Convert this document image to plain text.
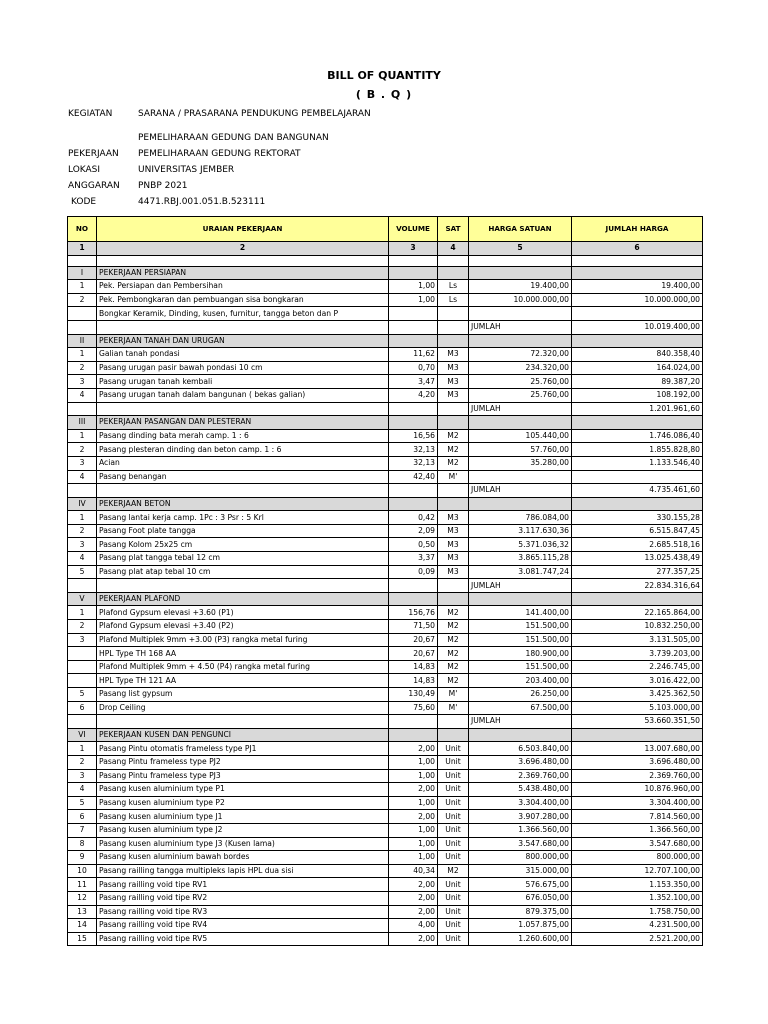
BILL OF QUANTITY
( B . Q )
KEGIATAN	SARANA / PRASARANA PENDUKUNG PEMBELAJARAN
PEMELIHARAAN GEDUNG DAN BANGUNAN
PEKERJAAN PEMELIHARAAN GEDUNG REKTORAT
LOKASI	UNIVERSITAS JEMBER
ANGGARAN PNBP 2021
KODE	4471.RBJ.001.051.B.523111
NO	URAIAN PEKERJAAN	VOLUME	SAT	HARGA SATUAN	JUMLAH HARGA
1	2	3	4	5	6

I	PEKERJAAN PERSIAPAN				
1	Pek. Persiapan dan Pembersihan	1,00	Ls	19.400,00	19.400,00
2	Pek. Pembongkaran dan pembuangan sisa bongkaran	1,00	Ls	10.000.000,00	10.000.000,00
	Bongkar Keramik, Dinding, kusen, furnitur, tangga beton dan P				
				JUMLAH	10.019.400,00
II	PEKERJAAN TANAH DAN URUGAN				
1	Galian tanah pondasi	11,62	M3	72.320,00	840.358,40
2	Pasang urugan pasir bawah pondasi 10 cm	0,70	M3	234.320,00	164.024,00
3	Pasang urugan tanah kembali	3,47	M3	25.760,00	89.387,20
4	Pasang urugan tanah dalam bangunan ( bekas galian)	4,20	M3	25.760,00	108.192,00
				JUMLAH	1.201.961,60
III	PEKERJAAN PASANGAN DAN PLESTERAN				
1	Pasang dinding bata merah camp. 1 : 6	16,56	M2	105.440,00	1.746.086,40
2	Pasang plesteran dinding dan beton camp. 1 : 6	32,13	M2	57.760,00	1.855.828,80
3	Acian	32,13	M2	35.280,00	1.133.546,40
4	Pasang benangan	42,40	M'		
				JUMLAH	4.735.461,60
IV	PEKERJAAN BETON				
1	Pasang lantai kerja camp. 1Pc : 3 Psr : 5 Krl	0,42	M3	786.084,00	330.155,28
2	Pasang Foot plate tangga	2,09	M3	3.117.630,36	6.515.847,45
3	Pasang Kolom 25x25 cm	0,50	M3	5.371.036,32	2.685.518,16
4	Pasang plat tangga tebal 12 cm	3,37	M3	3.865.115,28	13.025.438,49
5	Pasang plat atap tebal 10 cm	0,09	M3	3.081.747,24	277.357,25
				JUMLAH	22.834.316,64
V	PEKERJAAN PLAFOND				
1	Plafond Gypsum elevasi +3.60 (P1)	156,76	M2	141.400,00	22.165.864,00
2	Plafond Gypsum elevasi +3.40 (P2)	71,50	M2	151.500,00	10.832.250,00
3	Plafond Multiplek 9mm +3.00 (P3) rangka metal furing	20,67	M2	151.500,00	3.131.505,00
	HPL Type TH 168 AA	20,67	M2	180.900,00	3.739.203,00
	Plafond Multiplek 9mm + 4.50 (P4) rangka metal furing	14,83	M2	151.500,00	2.246.745,00
	HPL Type TH 121 AA	14,83	M2	203.400,00	3.016.422,00
5	Pasang list gypsum	130,49	M'	26.250,00	3.425.362,50
6	Drop Ceiling	75,60	M'	67.500,00	5.103.000,00
				JUMLAH	53.660.351,50
VI	PEKERJAAN KUSEN DAN PENGUNCI				
1	Pasang Pintu otomatis frameless type PJ1	2,00	Unit	6.503.840,00	13.007.680,00
2	Pasang Pintu frameless type PJ2	1,00	Unit	3.696.480,00	3.696.480,00
3	Pasang Pintu frameless type PJ3	1,00	Unit	2.369.760,00	2.369.760,00
4	Pasang kusen aluminium type P1	2,00	Unit	5.438.480,00	10.876.960,00
5	Pasang kusen aluminium type P2	1,00	Unit	3.304.400,00	3.304.400,00
6	Pasang kusen aluminium type J1	2,00	Unit	3.907.280,00	7.814.560,00
7	Pasang kusen aluminium type J2	1,00	Unit	1.366.560,00	1.366.560,00
8	Pasang kusen aluminium type J3 (Kusen lama)	1,00	Unit	3.547.680,00	3.547.680,00
9	Pasang kusen aluminium bawah bordes	1,00	Unit	800.000,00	800.000,00
10	Pasang railling tangga multipleks lapis HPL dua sisi	40,34	M2	315.000,00	12.707.100,00
11	Pasang railling void tipe RV1	2,00	Unit	576.675,00	1.153.350,00
12	Pasang railling void tipe RV2	2,00	Unit	676.050,00	1.352.100,00
13	Pasang railling void tipe RV3	2,00	Unit	879.375,00	1.758.750,00
14	Pasang railling void tipe RV4	4,00	Unit	1.057.875,00	4.231.500,00
15	Pasang railling void tipe RV5	2,00	Unit	1.260.600,00	2.521.200,00
